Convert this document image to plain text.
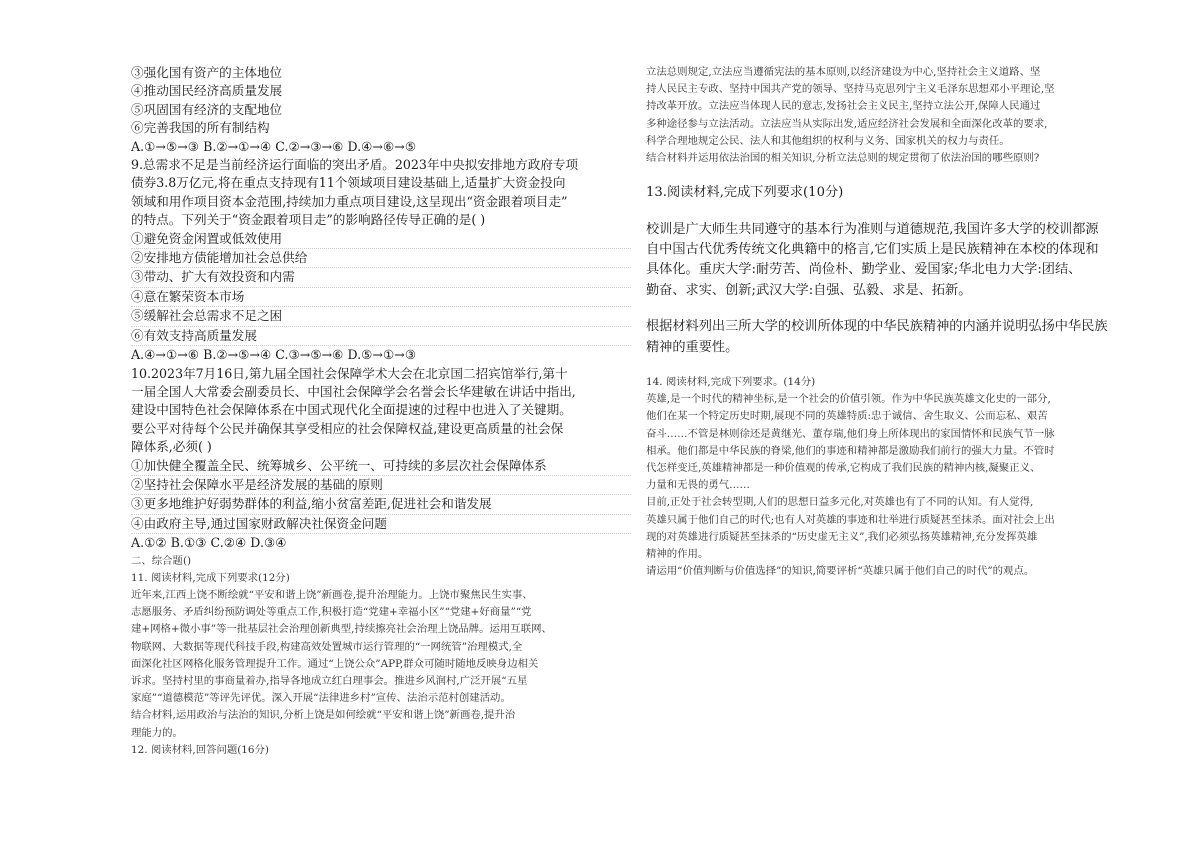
③强化国有资产的主体地位

④推动国民经济高质量发展

⑤巩固国有经济的支配地位

⑥完善我国的所有制结构

A.①→⑤→③ B.②→①→④ C.②→③→⑥ D.④→⑥→⑤

9.总需求不足是当前经济运行面临的突出矛盾。2023年中央拟安排地方政府专项

债券3.8万亿元,将在重点支持现有11个领域项目建设基础上,适量扩大资金投向

领域和用作项目资本金范围,持续加力重点项目建设,这呈现出“资金跟着项目走”

的特点。下列关于“资金跟着项目走”的影响路径传导正确的是( )

①避免资金闲置或低效使用

②安排地方债能增加社会总供给

③带动、扩大有效投资和内需

④意在繁荣资本市场

⑤缓解社会总需求不足之困

⑥有效支持高质量发展

A.④→①→⑥ B.②→⑤→④ C.③→⑤→⑥ D.⑤→①→③

10.2023年7月16日,第九届全国社会保障学术大会在北京国二招宾馆举行,第十

一届全国人大常委会副委员长、中国社会保障学会名誉会长华建敏在讲话中指出,

建设中国特色社会保障体系在中国式现代化全面提速的过程中也进入了关键期。

要公平对待每个公民并确保其享受相应的社会保障权益,建设更高质量的社会保

障体系,必须( )

①加快健全覆盖全民、统筹城乡、公平统一、可持续的多层次社会保障体系

②坚持社会保障水平是经济发展的基础的原则

③更多地维护好弱势群体的利益,缩小贫富差距,促进社会和谐发展

④由政府主导,通过国家财政解决社保资金问题

A.①② B.①③ C.②④ D.③④

二、综合题()

11. 阅读材料,完成下列要求(12分)

近年来,江西上饶不断绘就“平安和谐上饶”新画卷,提升治理能力。上饶市聚焦民生实事、

志愿服务、矛盾纠纷预防调处等重点工作,积极打造“党建+幸福小区”“党建+好商量”“党

建+网格+微小事”等一批基层社会治理创新典型,持续擦亮社会治理上饶品牌。运用互联网、

物联网、大数据等现代科技手段,构建高效处置城市运行管理的“一网统管”治理模式,全

面深化社区网格化服务管理提升工作。通过“上饶公众”APP,群众可随时随地反映身边相关

诉求。坚持村里的事商量着办,指导各地成立红白理事会。推进乡风润村,广泛开展“五星

家庭”“道德模范”等评先评优。深入开展“法律进乡村”宣传、法治示范村创建活动。

结合材料,运用政治与法治的知识,分析上饶是如何绘就“平安和谐上饶”新画卷,提升治

理能力的。

12. 阅读材料,回答问题(16分)

立法总则规定,立法应当遵循宪法的基本原则,以经济建设为中心,坚持社会主义道路、坚

持人民民主专政、坚持中国共产党的领导、坚持马克思列宁主义毛泽东思想邓小平理论,坚

持改革开放。立法应当体现人民的意志,发扬社会主义民主,坚持立法公开,保障人民通过

多种途径参与立法活动。立法应当从实际出发,适应经济社会发展和全面深化改革的要求,

科学合理地规定公民、法人和其他组织的权利与义务、国家机关的权力与责任。

结合材料并运用依法治国的相关知识,分析立法总则的规定贯彻了依法治国的哪些原则?

13.阅读材料,完成下列要求(10分)

校训是广大师生共同遵守的基本行为准则与道德规范,我国许多大学的校训都源

自中国古代优秀传统文化典籍中的格言,它们实质上是民族精神在本校的体现和

具体化。重庆大学:耐劳苦、尚俭朴、勤学业、爱国家;华北电力大学:团结、

勤奋、求实、创新;武汉大学:自强、弘毅、求是、拓新。

根据材料列出三所大学的校训所体现的中华民族精神的内涵并说明弘扬中华民族

精神的重要性。

14. 阅读材料,完成下列要求。(14分)

英雄,是一个时代的精神坐标,是一个社会的价值引领。作为中华民族英雄文化史的一部分,

他们在某一个特定历史时期,展现不同的英雄特质:忠于诚信、舍生取义、公而忘私、艰苦

奋斗……不管是林则徐还是黄继光、董存瑞,他们身上所体现出的家国情怀和民族气节一脉

相承。他们都是中华民族的脊梁,他们的事迹和精神都是激励我们前行的强大力量。不管时

代怎样变迁,英雄精神都是一种价值观的传承,它构成了我们民族的精神内核,凝聚正义、

力量和无畏的勇气……

目前,正处于社会转型期,人们的思想日益多元化,对英雄也有了不同的认知。有人觉得,

英雄只属于他们自己的时代;也有人对英雄的事迹和壮举进行质疑甚至抹杀。面对社会上出

现的对英雄进行质疑甚至抹杀的“历史虚无主义”,我们必须弘扬英雄精神,充分发挥英雄

精神的作用。

请运用“价值判断与价值选择”的知识,简要评析“英雄只属于他们自己的时代”的观点。
